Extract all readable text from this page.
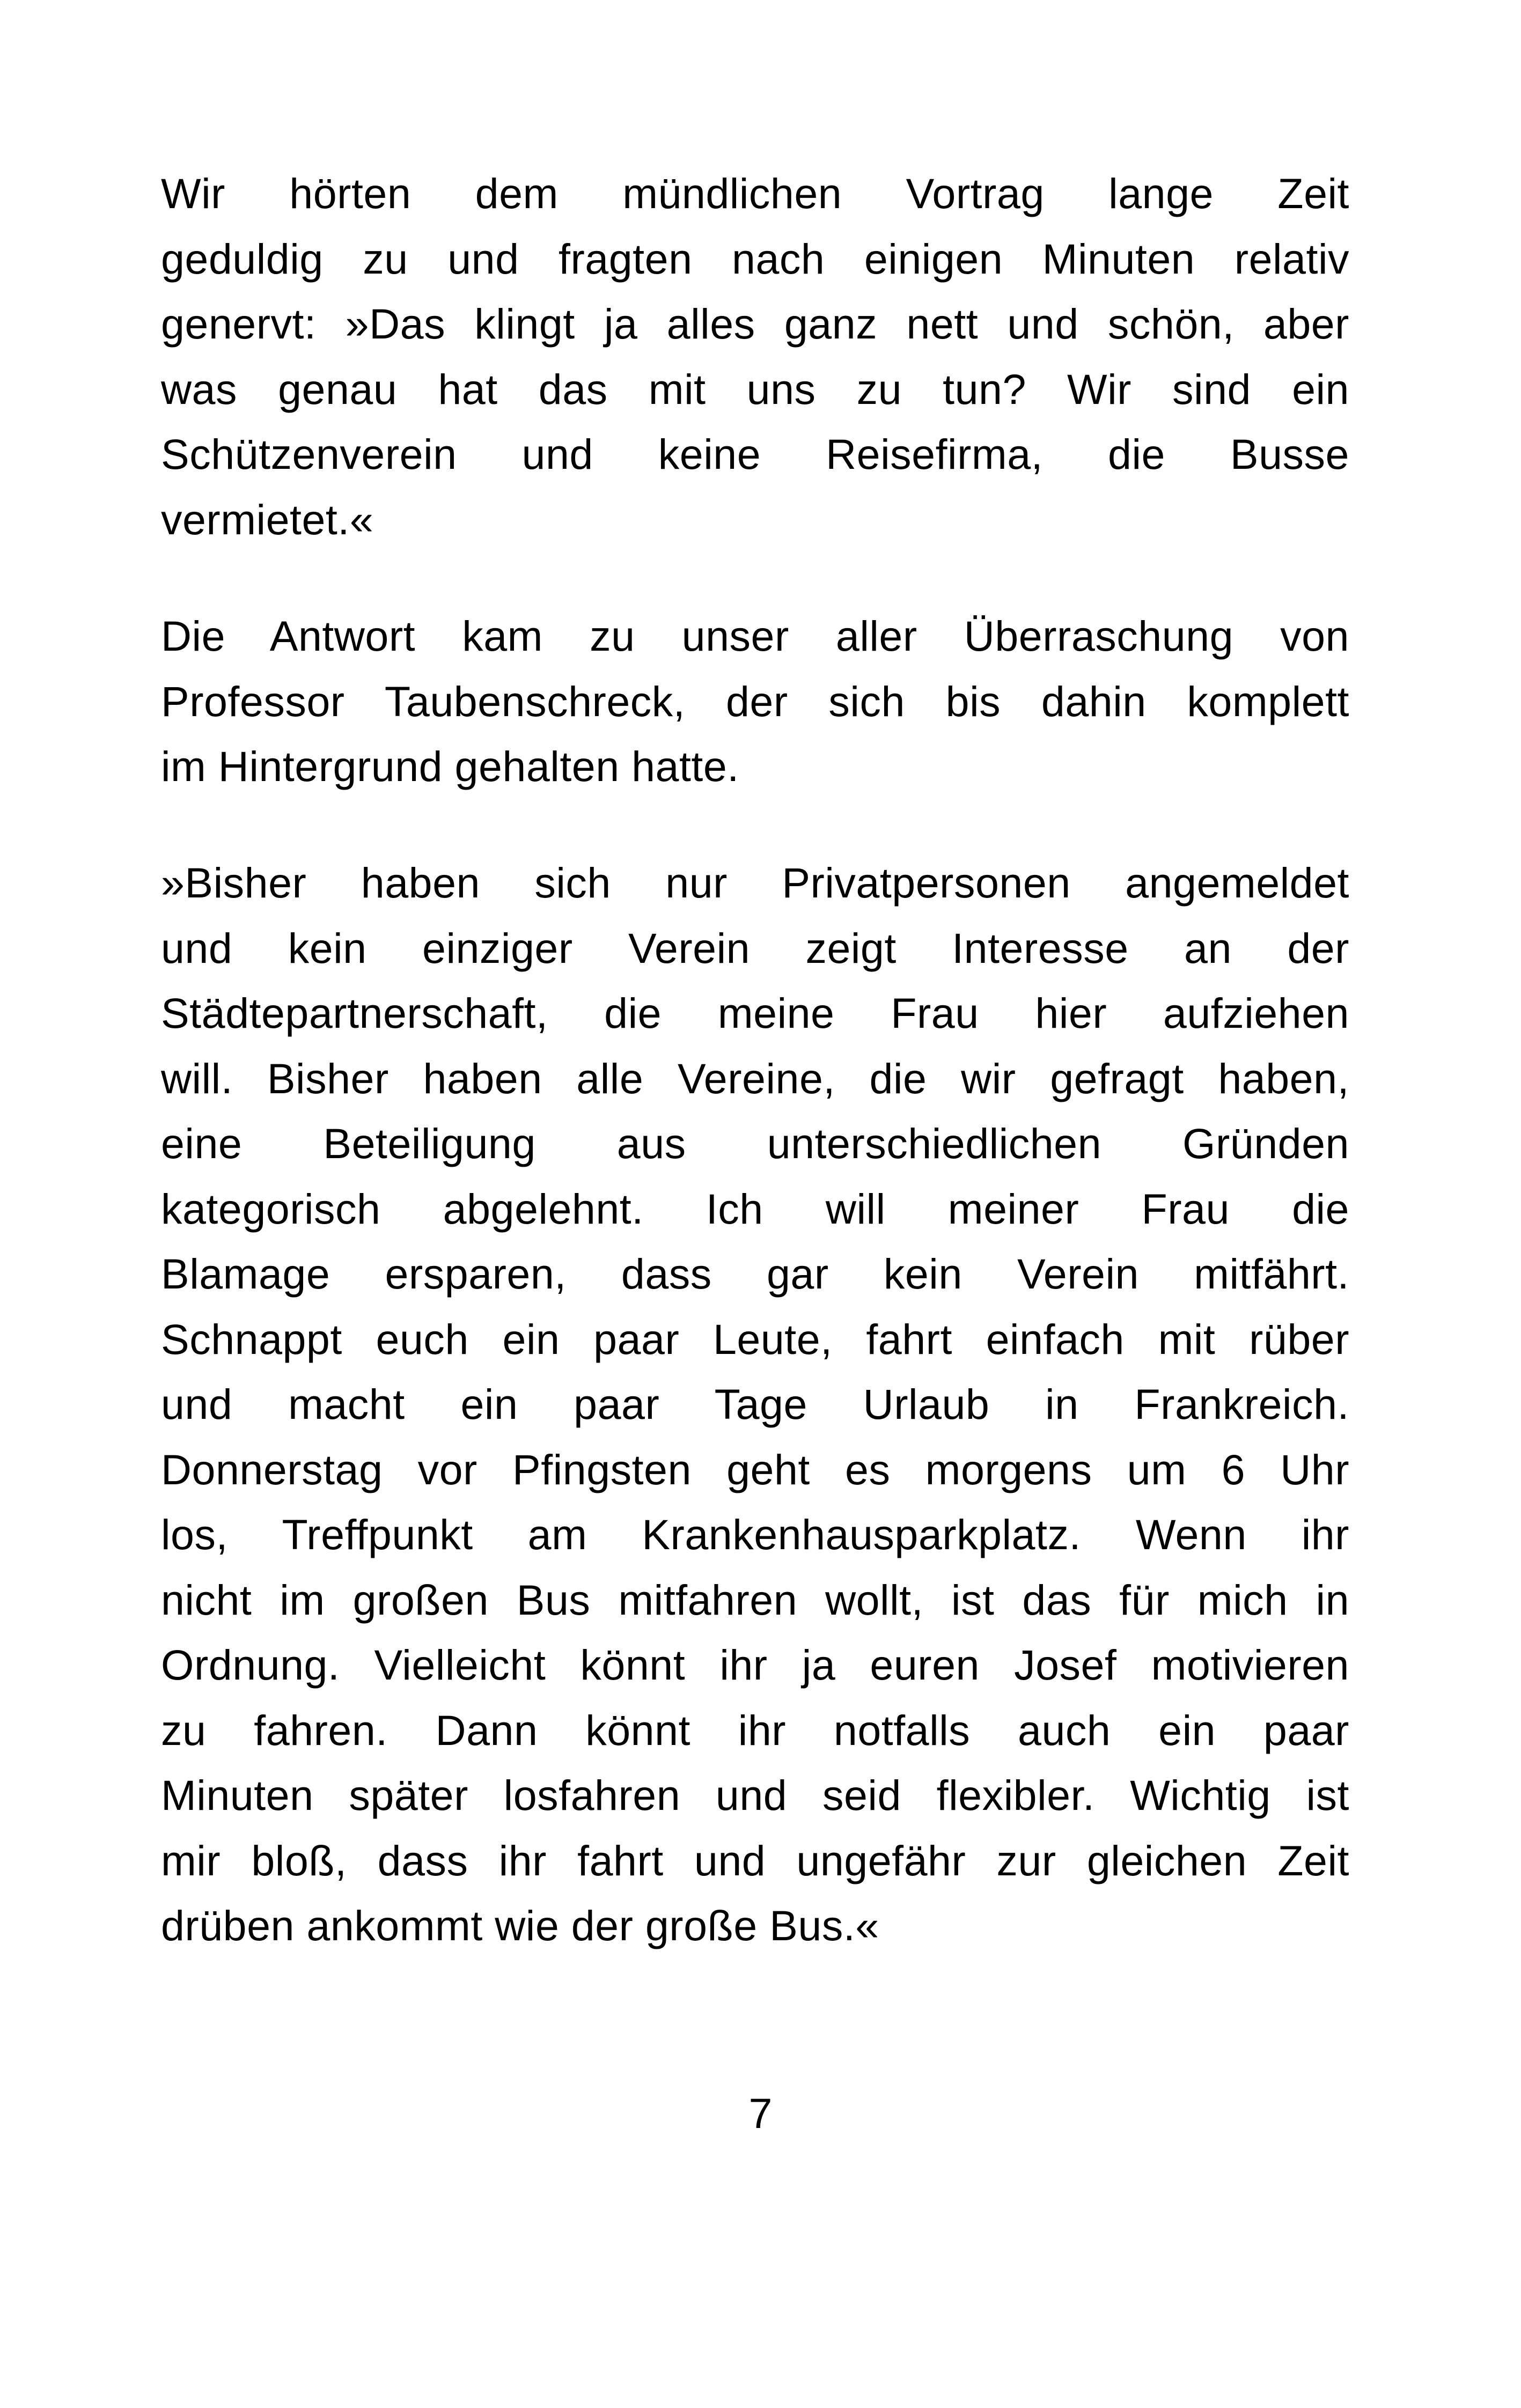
Wir hörten dem mündlichen Vortrag lange Zeit
geduldig zu und fragten nach einigen Minuten relativ
genervt: »Das klingt ja alles ganz nett und schön, aber
was genau hat das mit uns zu tun? Wir sind ein
Schützenverein und keine Reisefirma, die Busse
vermietet.«
Die Antwort kam zu unser aller Überraschung von
Professor Taubenschreck, der sich bis dahin komplett
im Hintergrund gehalten hatte.
»Bisher haben sich nur Privatpersonen angemeldet
und kein einziger Verein zeigt Interesse an der
Städtepartnerschaft, die meine Frau hier aufziehen
will. Bisher haben alle Vereine, die wir gefragt haben,
eine Beteiligung aus unterschiedlichen Gründen
kategorisch abgelehnt. Ich will meiner Frau die
Blamage ersparen, dass gar kein Verein mitfährt.
Schnappt euch ein paar Leute, fahrt einfach mit rüber
und macht ein paar Tage Urlaub in Frankreich.
Donnerstag vor Pfingsten geht es morgens um 6 Uhr
los, Treffpunkt am Krankenhausparkplatz. Wenn ihr
nicht im großen Bus mitfahren wollt, ist das für mich in
Ordnung. Vielleicht könnt ihr ja euren Josef motivieren
zu fahren. Dann könnt ihr notfalls auch ein paar
Minuten später losfahren und seid flexibler. Wichtig ist
mir bloß, dass ihr fahrt und ungefähr zur gleichen Zeit
drüben ankommt wie der große Bus.«
7
